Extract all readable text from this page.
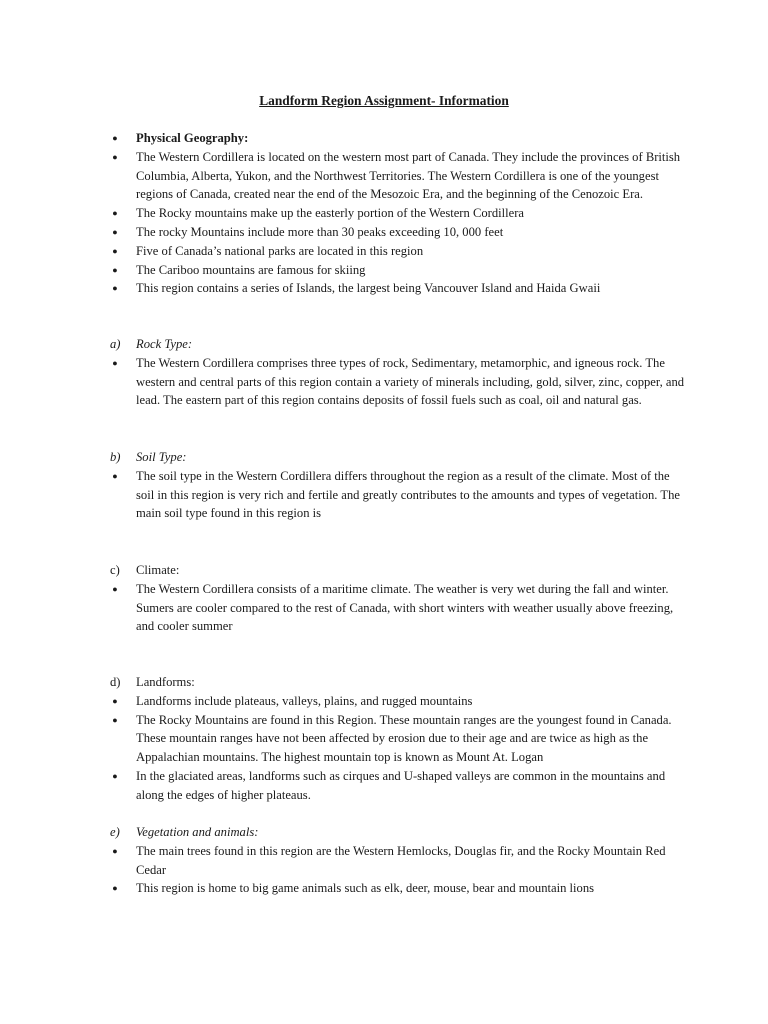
Landform Region Assignment- Information
● Physical Geography:
● The Western Cordillera is located on the western most part of Canada. They include the provinces of British Columbia, Alberta, Yukon, and the Northwest Territories. The Western Cordillera is one of the youngest regions of Canada, created near the end of the Mesozoic Era, and the beginning of the Cenozoic Era.
● The Rocky mountains make up the easterly portion of the Western Cordillera
● The rocky Mountains include more than 30 peaks exceeding 10, 000 feet
● Five of Canada’s national parks are located in this region
● The Cariboo mountains are famous for skiing
● This region contains a series of Islands, the largest being Vancouver Island and Haida Gwaii
a) Rock Type:
● The Western Cordillera comprises three types of rock, Sedimentary, metamorphic, and igneous rock. The western and central parts of this region contain a variety of minerals including, gold, silver, zinc, copper, and lead. The eastern part of this region contains deposits of fossil fuels such as coal, oil and natural gas.
b) Soil Type:
● The soil type in the Western Cordillera differs throughout the region as a result of the climate. Most of the soil in this region is very rich and fertile and greatly contributes to the amounts and types of vegetation. The main soil type found in this region is
c) Climate:
● The Western Cordillera consists of a maritime climate. The weather is very wet during the fall and winter. Sumers are cooler compared to the rest of Canada, with short winters with weather usually above freezing, and cooler summer
d) Landforms:
● Landforms include plateaus, valleys, plains, and rugged mountains
● The Rocky Mountains are found in this Region. These mountain ranges are the youngest found in Canada. These mountain ranges have not been affected by erosion due to their age and are twice as high as the Appalachian mountains. The highest mountain top is known as Mount At. Logan
● In the glaciated areas, landforms such as cirques and U-shaped valleys are common in the mountains and along the edges of higher plateaus.
e) Vegetation and animals:
● The main trees found in this region are the Western Hemlocks, Douglas fir, and the Rocky Mountain Red Cedar
● This region is home to big game animals such as elk, deer, mouse, bear and mountain lions
